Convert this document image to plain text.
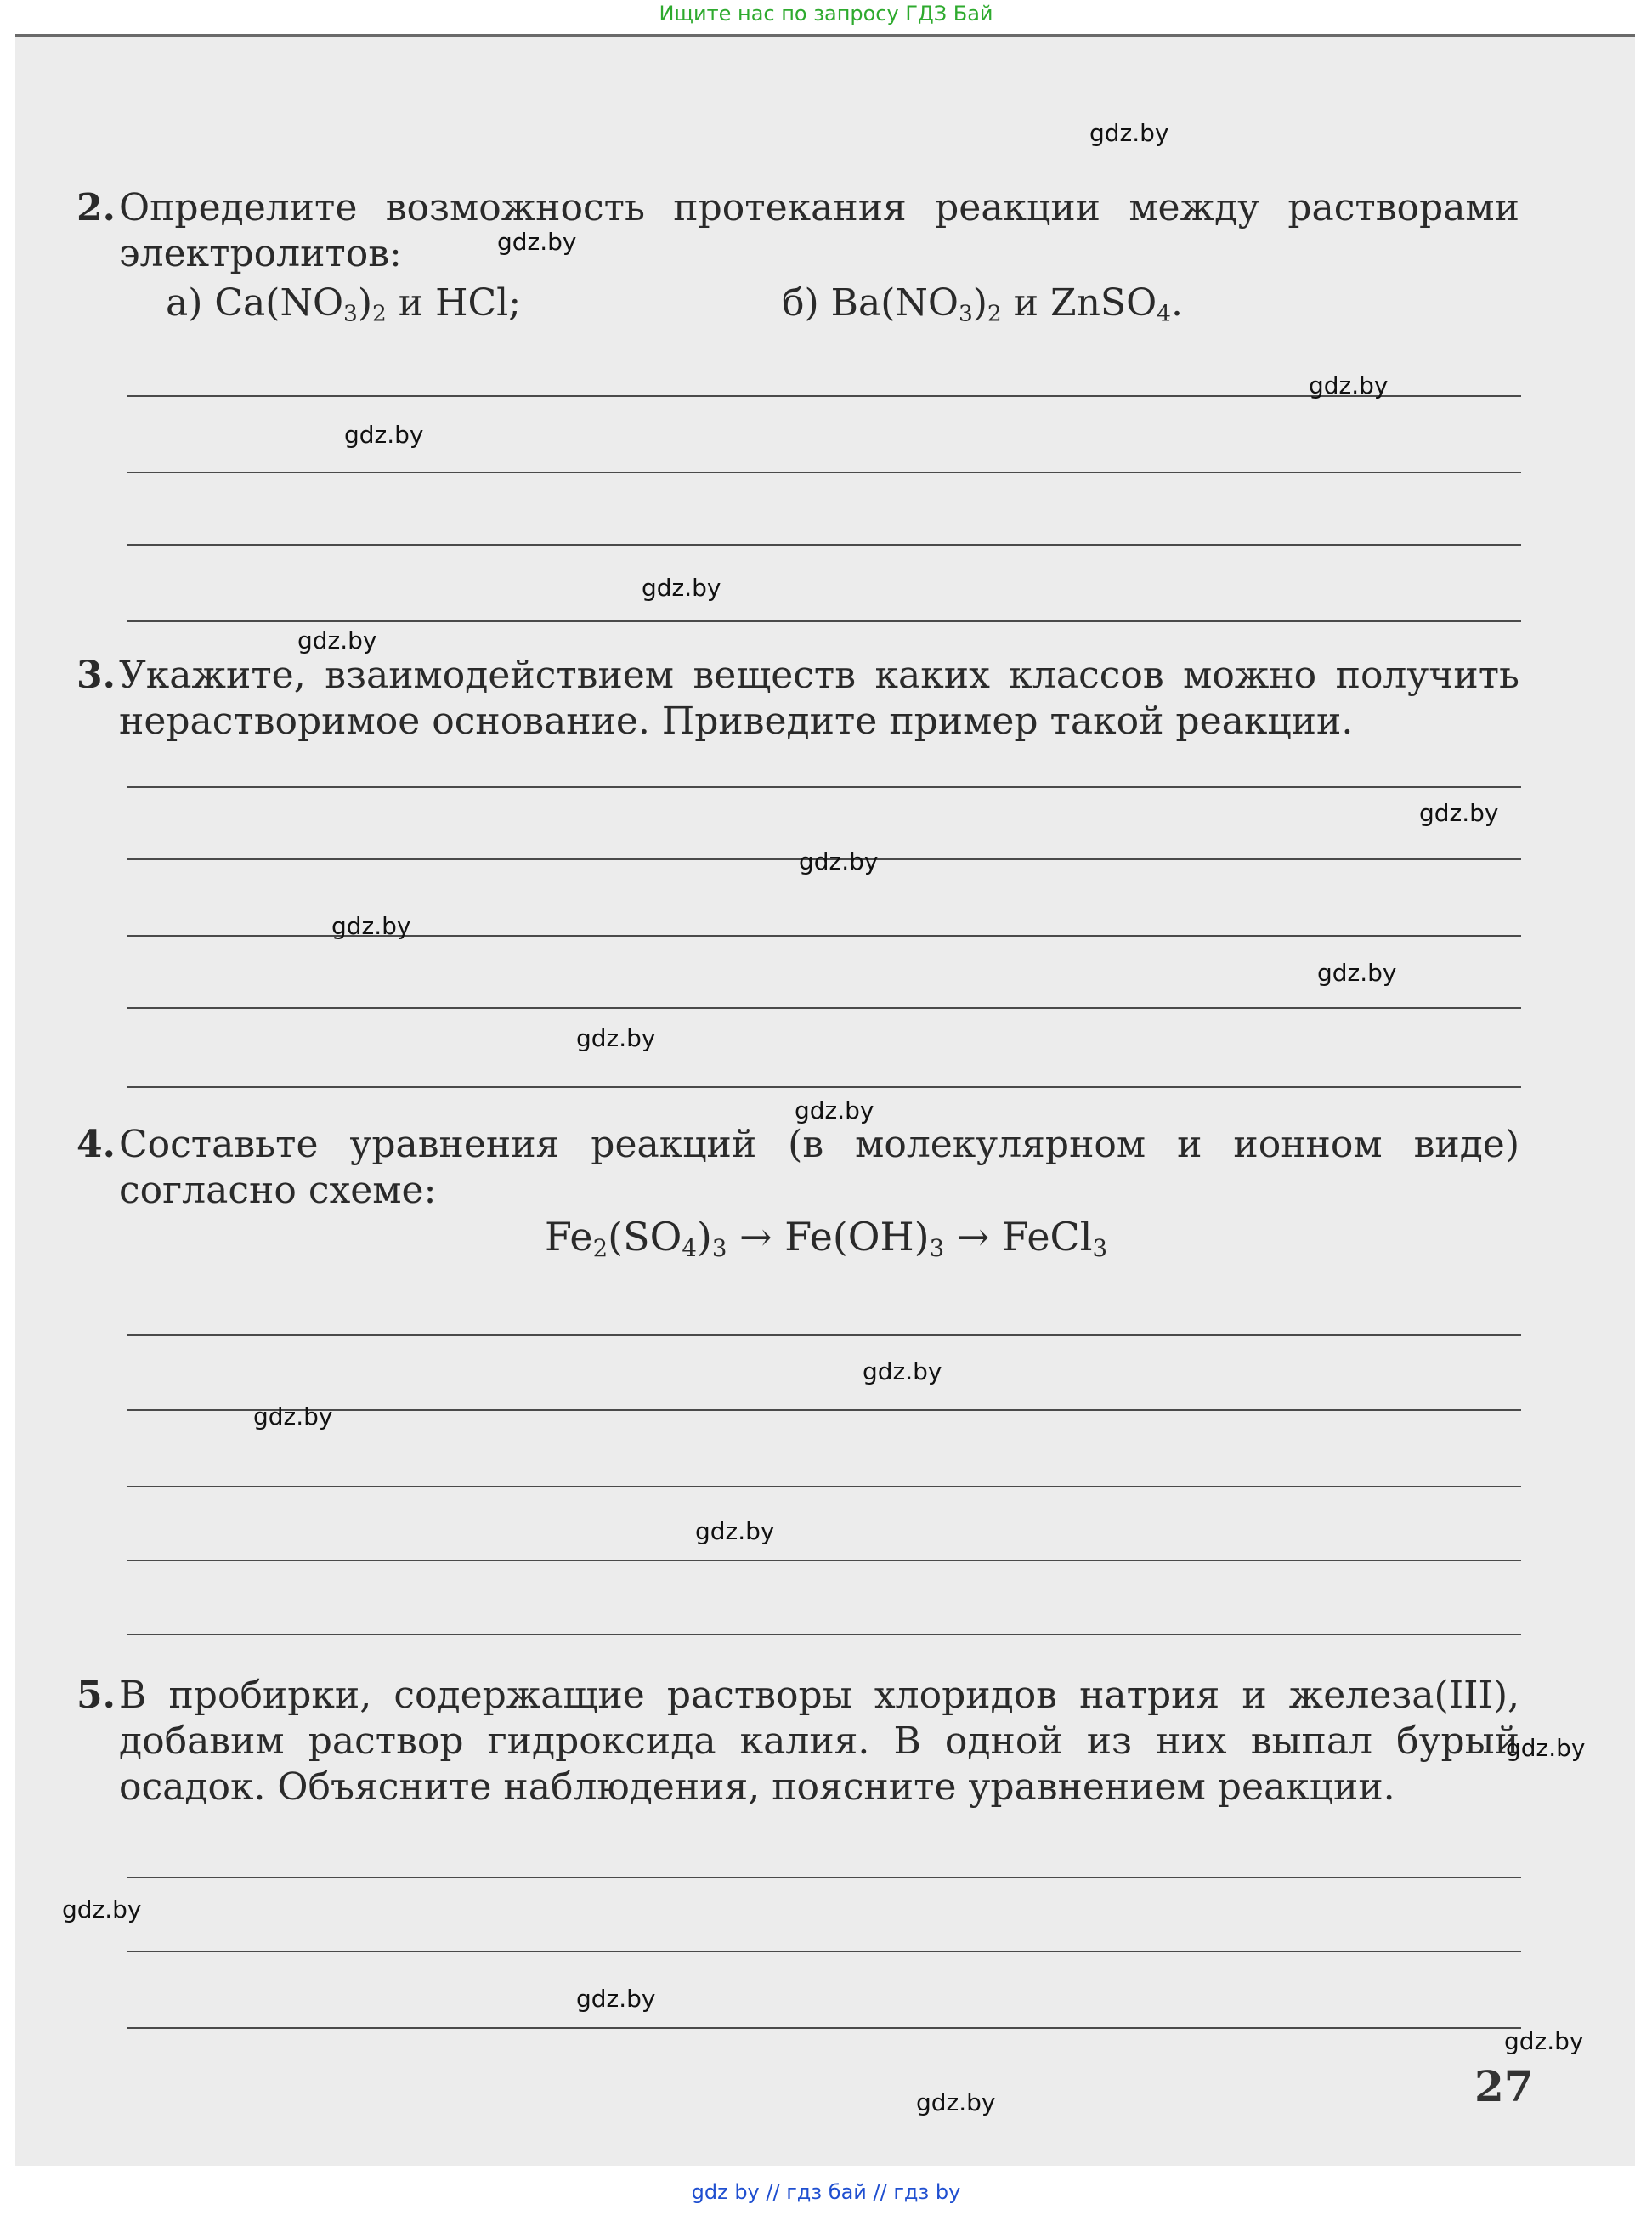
Ищите нас по запросу ГДЗ Бай
2.Определите возможность протекания реакции между растворами электролитов:
а) $Ca(NO_3)_2$ и HCl;	б) $Ba(NO_3)_2$ и ZnSO$_4$.
3.Укажите, взаимодействием веществ каких классов можно получить нерастворимое основание. Приведите пример такой реакции.
4.Составьте уравнения реакций (в молекулярном и ионном виде) согласно схеме:
$Fe_2(SO_4)_3 \to Fe(OH)_3$ → FeCl$_3$
5.В пробирки, содержащие растворы хлоридов натрия и железа(III), добавим раствор гидроксида калия. В одной из них выпал бурый осадок. Объясните наблюдения, поясните уравнением реакции.
27
gdz.by
gdz.by
gdz.by
gdz.by
gdz.by
gdz.by
gdz.by
gdz.by
gdz.by
gdz.by
gdz.by
gdz.by
gdz.by
gdz.by
gdz.by
gdz.by
gdz.by
gdz.by
gdz.by
gdz.by
gdz by // гдз бай // гдз by
